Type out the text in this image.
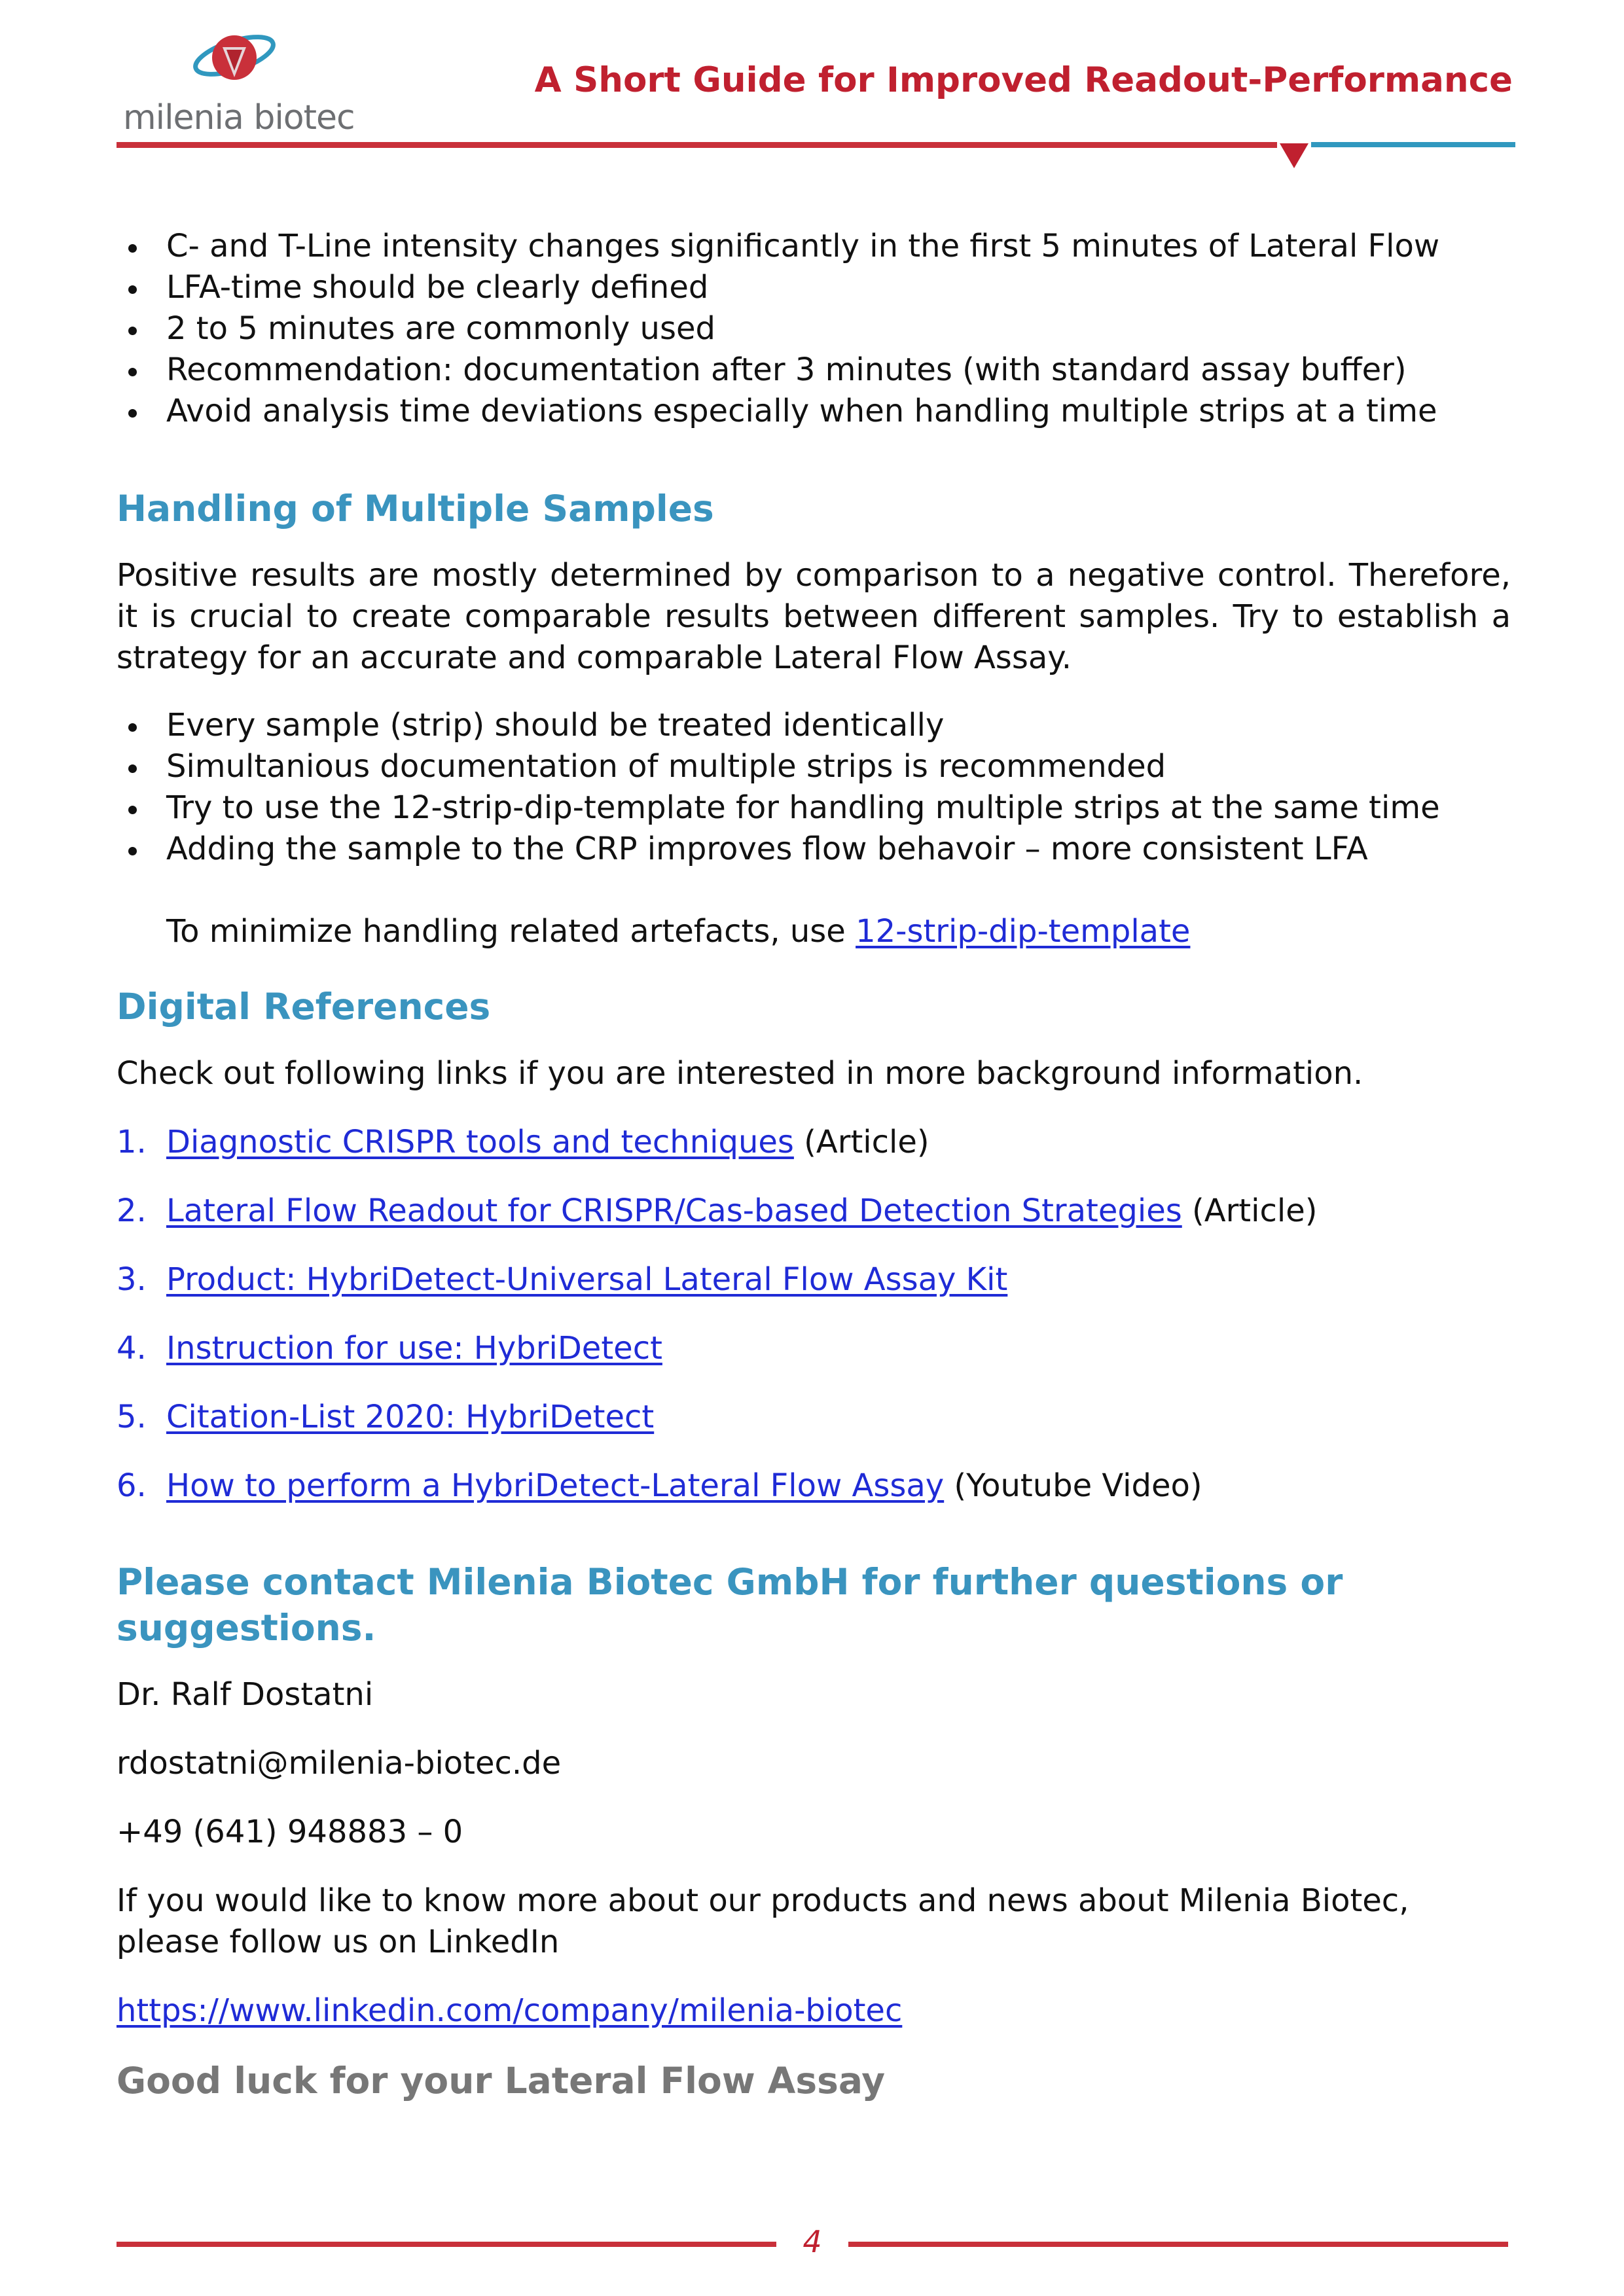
milenia biotec
A Short Guide for Improved Readout-Performance
C- and T-Line intensity changes significantly in the first 5 minutes of Lateral Flow
LFA-time should be clearly defined
2 to 5 minutes are commonly used
Recommendation: documentation after 3 minutes (with standard assay buffer)
Avoid analysis time deviations especially when handling multiple strips at a time
Handling of Multiple Samples

Positive results are mostly determined by comparison to a negative control. Therefore, it is crucial to create comparable results between different samples. Try to establish a strategy for an accurate and comparable Lateral Flow Assay.

Every sample (strip) should be treated identically
Simultanious documentation of multiple strips is recommended
Try to use the 12-strip-dip-template for handling multiple strips at the same time
Adding the sample to the CRP improves flow behavoir – more consistent LFA
To minimize handling related artefacts, use 12-strip-dip-template
Digital References

Check out following links if you are interested in more background information.

1. Diagnostic CRISPR tools and techniques (Article)
2. Lateral Flow Readout for CRISPR/Cas-based Detection Strategies (Article)
3. Product: HybriDetect-Universal Lateral Flow Assay Kit
4. Instruction for use: HybriDetect
5. Citation-List 2020: HybriDetect
6. How to perform a HybriDetect-Lateral Flow Assay (Youtube Video)
Please contact Milenia Biotec GmbH for further questions or suggestions.

Dr. Ralf Dostatni

rdostatni@milenia-biotec.de

+49 (641) 948883 – 0

If you would like to know more about our products and news about Milenia Biotec, please follow us on LinkedIn

https://www.linkedin.com/company/milenia-biotec

Good luck for your Lateral Flow Assay

4
